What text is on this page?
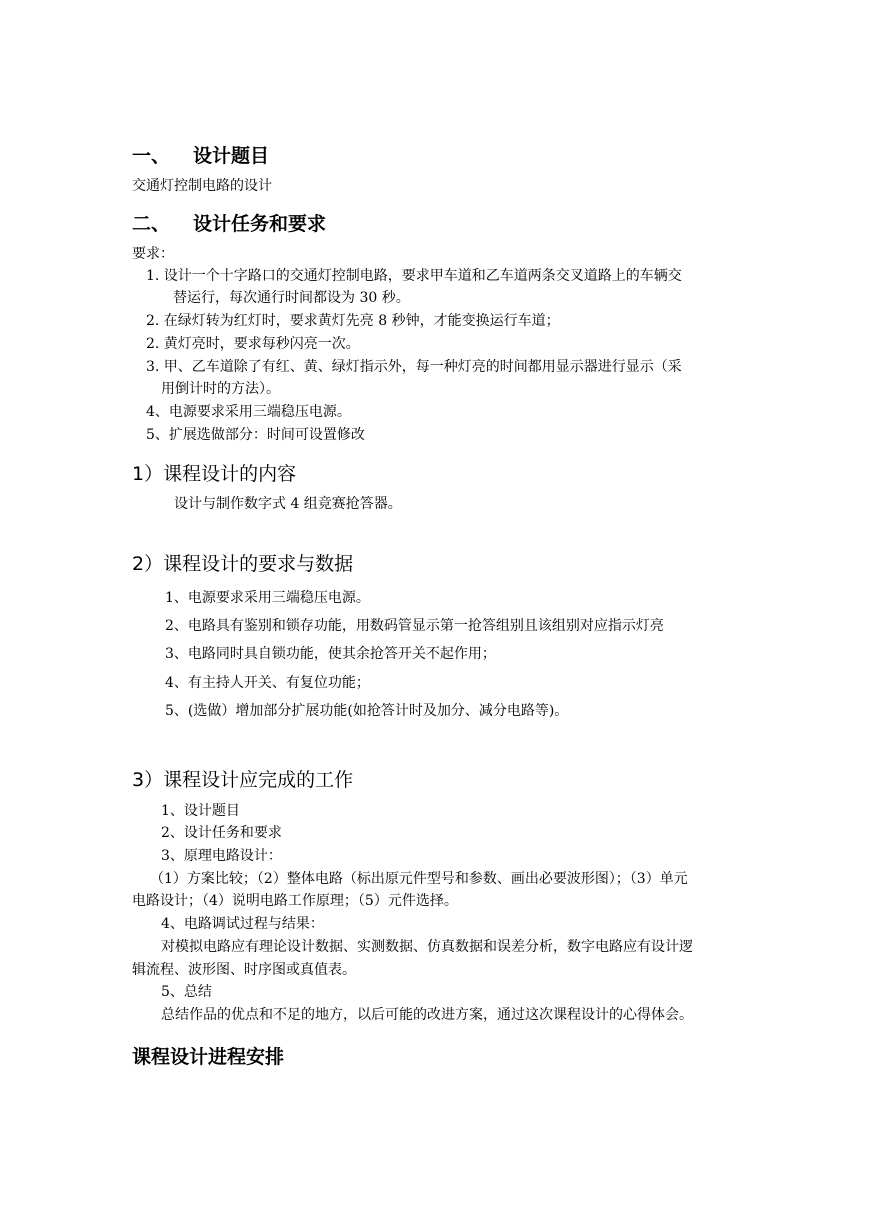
一、 设计题目
交通灯控制电路的设计
二、 设计任务和要求
要求：
1. 设计一个十字路口的交通灯控制电路，要求甲车道和乙车道两条交叉道路上的车辆交
替运行，每次通行时间都设为 30 秒。
2. 在绿灯转为红灯时，要求黄灯先亮 8 秒钟，才能变换运行车道；
2. 黄灯亮时，要求每秒闪亮一次。
3. 甲、乙车道除了有红、黄、绿灯指示外，每一种灯亮的时间都用显示器进行显示（采
用倒计时的方法）。
4、电源要求采用三端稳压电源。
5、扩展选做部分：时间可设置修改
1）课程设计的内容
设计与制作数字式 4 组竞赛抢答器。
2）课程设计的要求与数据
1、电源要求采用三端稳压电源。
2、电路具有鉴别和锁存功能，用数码管显示第一抢答组别且该组别对应指示灯亮
3、电路同时具自锁功能，使其余抢答开关不起作用；
4、有主持人开关、有复位功能；
5、(选做）增加部分扩展功能(如抢答计时及加分、减分电路等)。
3）课程设计应完成的工作
1、设计题目
2、设计任务和要求
3、原理电路设计：
（1）方案比较；（2）整体电路（标出原元件型号和参数、画出必要波形图）；（3）单元
电路设计；（4）说明电路工作原理；（5）元件选择。
4、电路调试过程与结果：
对模拟电路应有理论设计数据、实测数据、仿真数据和误差分析，数字电路应有设计逻
辑流程、波形图、时序图或真值表。
5、总结
总结作品的优点和不足的地方，以后可能的改进方案，通过这次课程设计的心得体会。
课程设计进程安排
